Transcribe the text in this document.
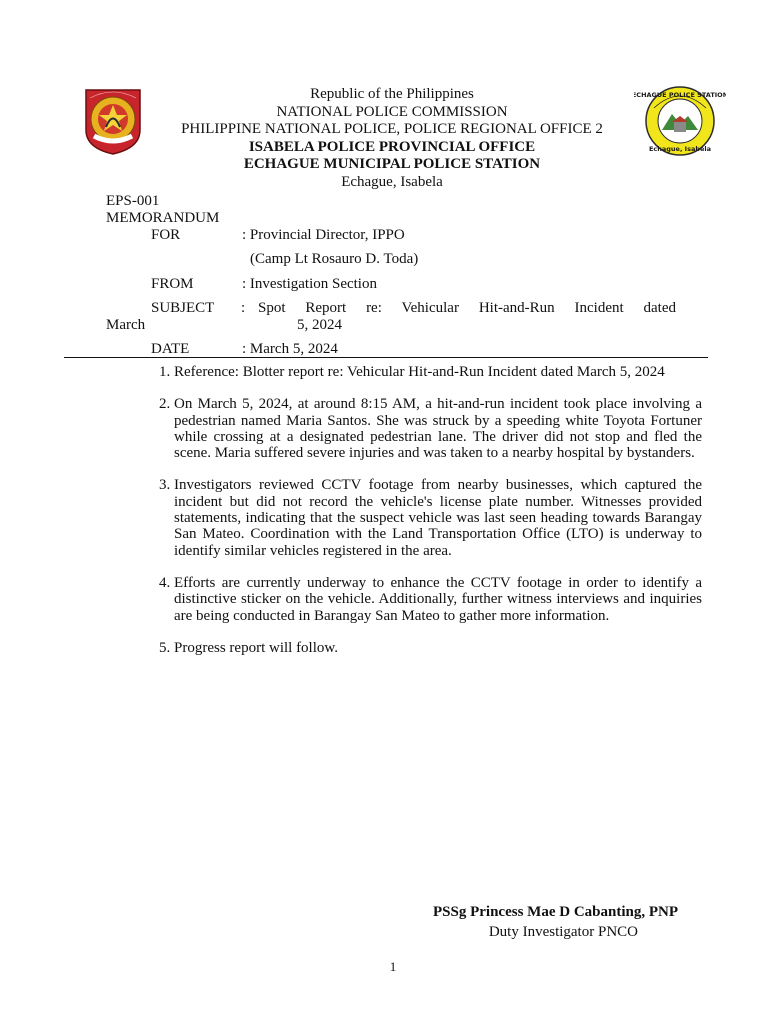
ECHAGUE POLICE STATION
Echague, Isabela
Republic of the Philippines
NATIONAL POLICE COMMISSION
PHILIPPINE NATIONAL POLICE, POLICE REGIONAL OFFICE 2
ISABELA POLICE PROVINCIAL OFFICE
ECHAGUE MUNICIPAL POLICE STATION
Echague, Isabela
EPS-001
MEMORANDUM
FOR	: Provincial Director, IPPO
(Camp Lt Rosauro D. Toda)
FROM	: Investigation Section
SUBJECT : Spot Report re: Vehicular Hit-and-Run Incident dated
March	5, 2024
DATE	: March 5, 2024
1. Reference: Blotter report re: Vehicular Hit-and-Run Incident dated March 5, 2024
2. On March 5, 2024, at around 8:15 AM, a hit-and-run incident took place involving a pedestrian named Maria Santos. She was struck by a speeding white Toyota Fortuner while crossing at a designated pedestrian lane. The driver did not stop and fled the scene. Maria suffered severe injuries and was taken to a nearby hospital by bystanders.
3. Investigators reviewed CCTV footage from nearby businesses, which captured the incident but did not record the vehicle's license plate number. Witnesses provided statements, indicating that the suspect vehicle was last seen heading towards Barangay San Mateo. Coordination with the Land Transportation Office (LTO) is underway to identify similar vehicles registered in the area.
4. Efforts are currently underway to enhance the CCTV footage in order to identify a distinctive sticker on the vehicle. Additionally, further witness interviews and inquiries are being conducted in Barangay San Mateo to gather more information.
5. Progress report will follow.
PSSg Princess Mae D Cabanting, PNP
Duty Investigator PNCO
1
